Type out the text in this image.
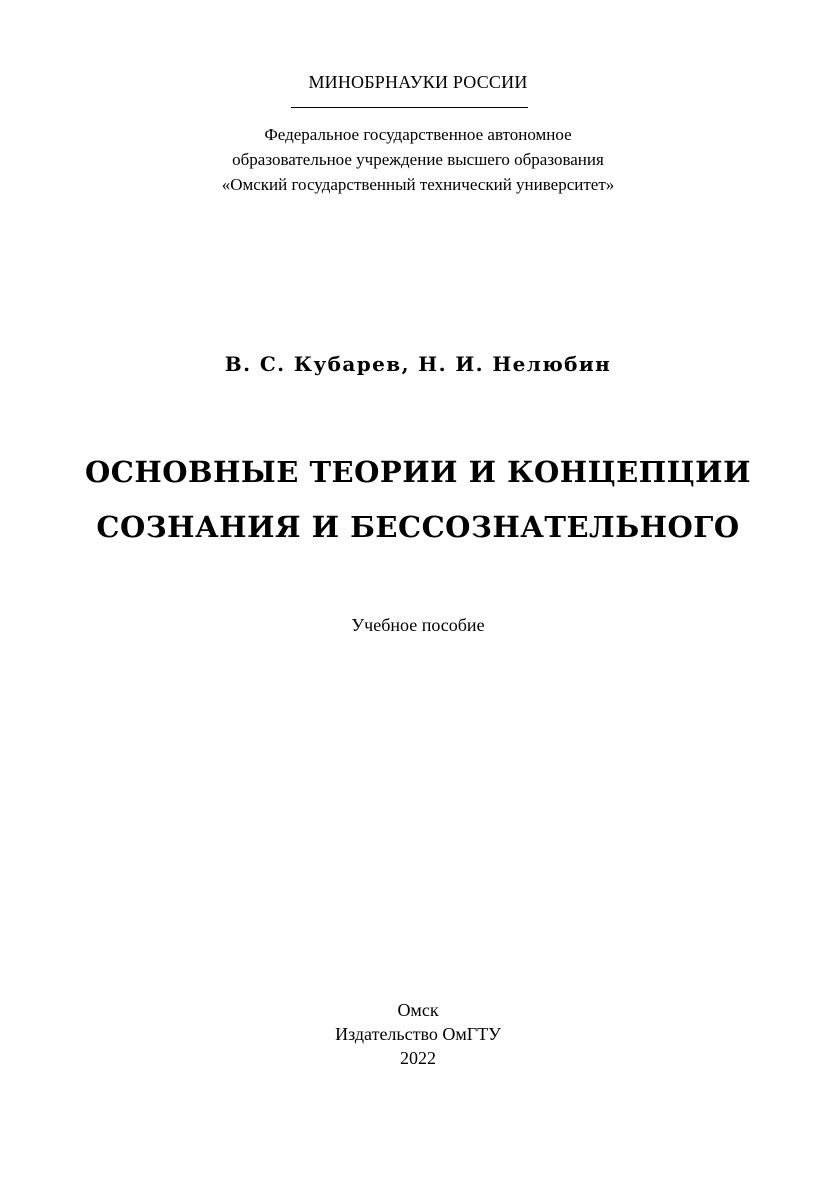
МИНОБРНАУКИ РОССИИ
Федеральное государственное автономное
образовательное учреждение высшего образования
«Омский государственный технический университет»
В. С. Кубарев, Н. И. Нелюбин
ОСНОВНЫЕ ТЕОРИИ И КОНЦЕПЦИИ
СОЗНАНИЯ И БЕССОЗНАТЕЛЬНОГО
Учебное пособие
Омск
Издательство ОмГТУ
2022
